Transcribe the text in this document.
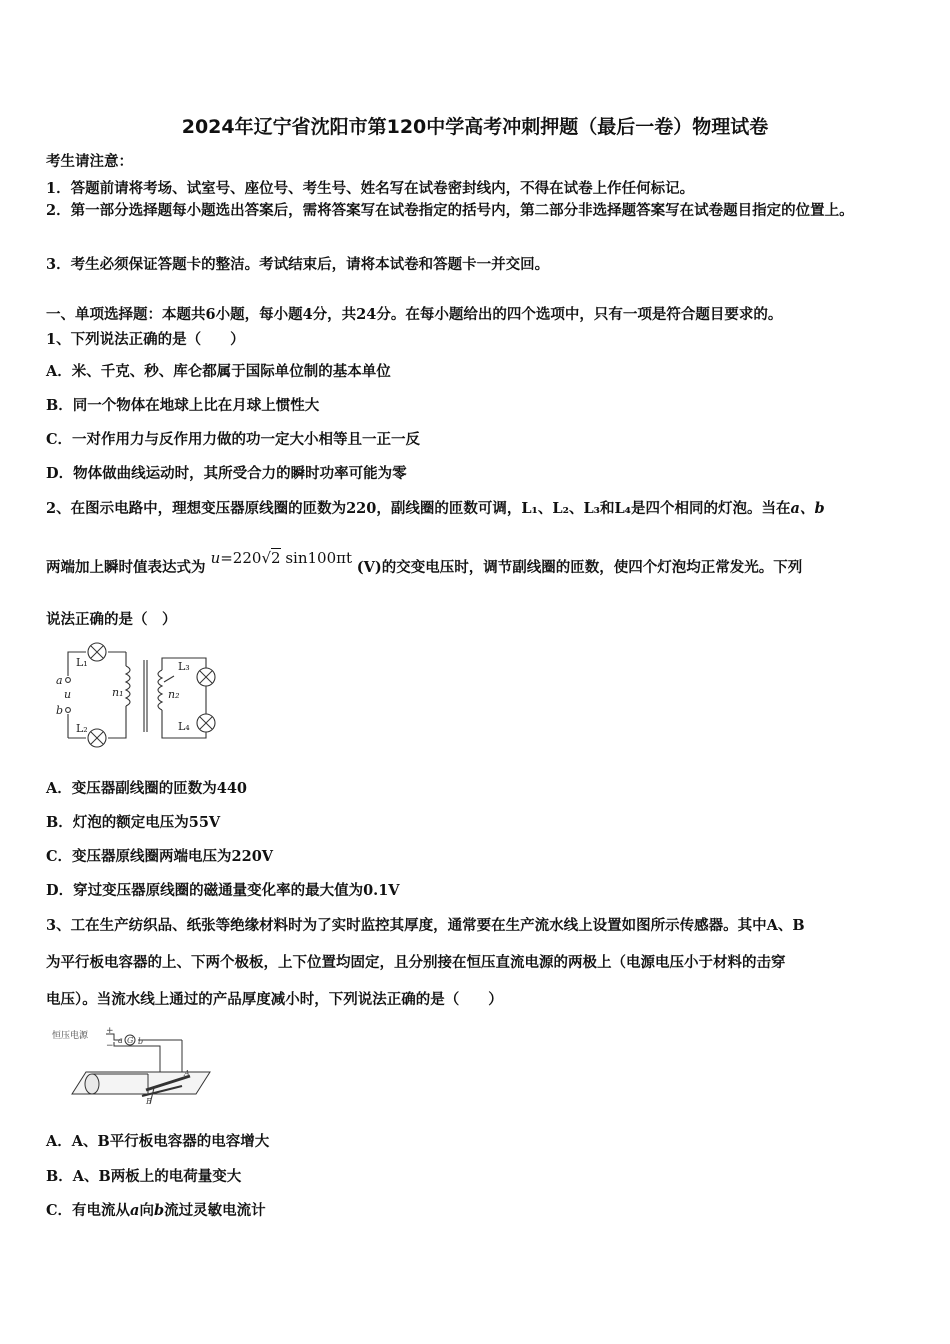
2024年辽宁省沈阳市第120中学高考冲刺押题（最后一卷）物理试卷
考生请注意：
1．答题前请将考场、试室号、座位号、考生号、姓名写在试卷密封线内，不得在试卷上作任何标记。
2．第一部分选择题每小题选出答案后，需将答案写在试卷指定的括号内，第二部分非选择题答案写在试卷题目指定的位置上。
3．考生必须保证答题卡的整洁。考试结束后，请将本试卷和答题卡一并交回。
一、单项选择题：本题共6小题，每小题4分，共24分。在每小题给出的四个选项中，只有一项是符合题目要求的。
1、下列说法正确的是（　　）
A．米、千克、秒、库仑都属于国际单位制的基本单位
B．同一个物体在地球上比在月球上惯性大
C．一对作用力与反作用力做的功一定大小相等且一正一反
D．物体做曲线运动时，其所受合力的瞬时功率可能为零
2、在图示电路中，理想变压器原线圈的匝数为220，副线圈的匝数可调，L₁、L₂、L₃和L₄是四个相同的灯泡。当在a、b
两端加上瞬时值表达式为 u=220√2 sin100πt (V)的交变电压时，调节副线圈的匝数，使四个灯泡均正常发光。下列
说法正确的是（　）
a
u
b
n₁	n₂
L₁
L₂
L₃
L₄
A．变压器副线圈的匝数为440
B．灯泡的额定电压为55V
C．变压器原线圈两端电压为220V
D．穿过变压器原线圈的磁通量变化率的最大值为0.1V
3、工在生产纺织品、纸张等绝缘材料时为了实时监控其厚度，通常要在生产流水线上设置如图所示传感器。其中A、B
为平行板电容器的上、下两个极板，上下位置均固定，且分别接在恒压直流电源的两极上（电源电压小于材料的击穿
电压）。当流水线上通过的产品厚度减小时，下列说法正确的是（　　）
恒压电源 +
−
a b
G
A
B
A．A、B平行板电容器的电容增大
B．A、B两板上的电荷量变大
C．有电流从a向b流过灵敏电流计
